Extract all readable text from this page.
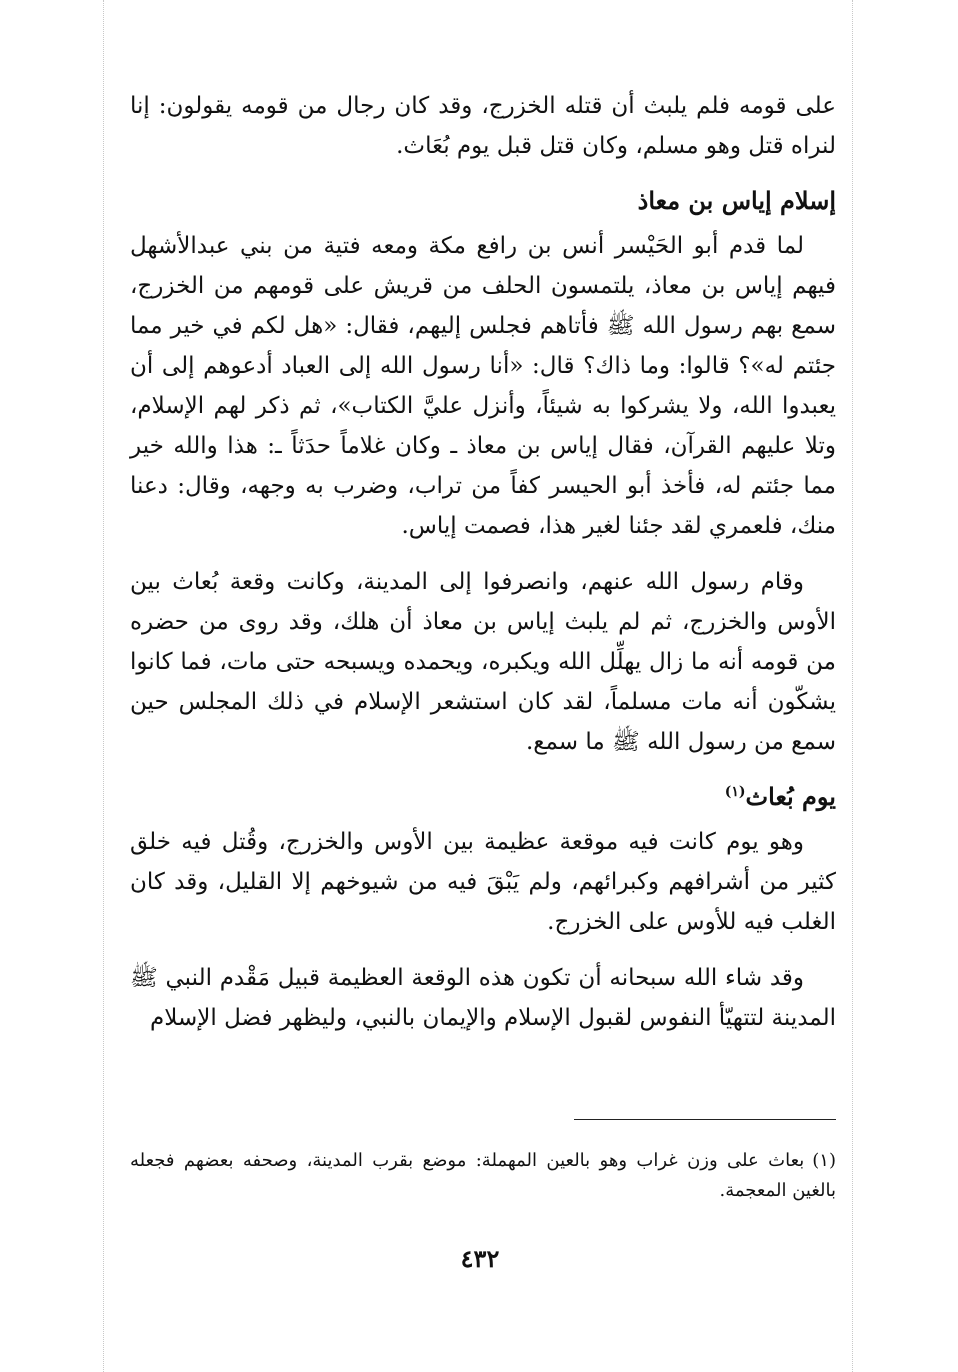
على قومه فلم يلبث أن قتله الخزرج، وقد كان رجال من قومه يقولون: إنا لنراه قتل وهو مسلم، وكان قتل قبل يوم بُعَاث.

إسلام إياس بن معاذ

لما قدم أبو الحَيْسر أنس بن رافع مكة ومعه فتية من بني عبدالأشهل فيهم إياس بن معاذ، يلتمسون الحلف من قريش على قومهم من الخزرج، سمع بهم رسول الله ﷺ فأتاهم فجلس إليهم، فقال: «هل لكم في خير مما جئتم له»؟ قالوا: وما ذاك؟ قال: «أنا رسول الله إلى العباد أدعوهم إلى أن يعبدوا الله، ولا يشركوا به شيئاً، وأنزل عليَّ الكتاب»، ثم ذكر لهم الإسلام، وتلا عليهم القرآن، فقال إياس بن معاذ ـ وكان غلاماً حدَثاً ـ: هذا والله خير مما جئتم له، فأخذ أبو الحيسر كفاً من تراب، وضرب به وجهه، وقال: دعنا منك، فلعمري لقد جئنا لغير هذا، فصمت إياس.

وقام رسول الله عنهم، وانصرفوا إلى المدينة، وكانت وقعة بُعاث بين الأوس والخزرج، ثم لم يلبث إياس بن معاذ أن هلك، وقد روى من حضره من قومه أنه ما زال يهلِّل الله ويكبره، ويحمده ويسبحه حتى مات، فما كانوا يشكّون أنه مات مسلماً، لقد كان استشعر الإسلام في ذلك المجلس حين سمع من رسول الله ﷺ ما سمع.

يوم بُعاث$^{(١)}$

وهو يوم كانت فيه موقعة عظيمة بين الأوس والخزرج، وقُتل فيه خلق كثير من أشرافهم وكبرائهم، ولم يَبْقَ فيه من شيوخهم إلا القليل، وقد كان الغلب فيه للأوس على الخزرج.

وقد شاء الله سبحانه أن تكون هذه الوقعة العظيمة قبيل مَقْدم النبي ﷺ المدينة لتتهيّأ النفوس لقبول الإسلام والإيمان بالنبي، وليظهر فضل الإسلام

(١)بعاث على وزن غراب وهو بالعين المهملة: موضع بقرب المدينة، وصحفه بعضهم فجعله بالغين المعجمة.
٤٣٢
